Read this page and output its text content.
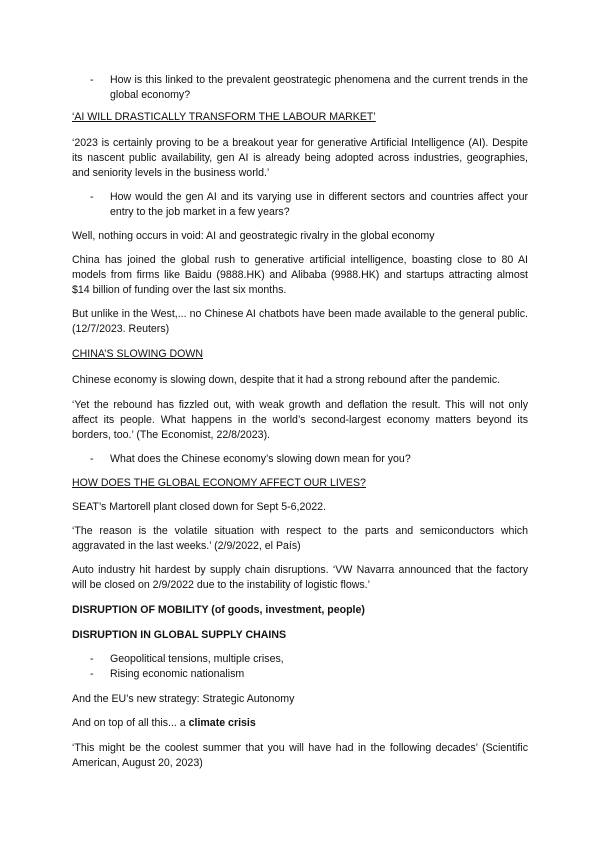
- How is this linked to the prevalent geostrategic phenomena and the current trends in the global economy?
‘AI WILL DRASTICALLY TRANSFORM THE LABOUR MARKET’
‘2023 is certainly proving to be a breakout year for generative Artificial Intelligence (AI). Despite its nascent public availability, gen AI is already being adopted across industries, geographies, and seniority levels in the business world.’
- How would the gen AI and its varying use in different sectors and countries affect your entry to the job market in a few years?
Well, nothing occurs in void: AI and geostrategic rivalry in the global economy
China has joined the global rush to generative artificial intelligence, boasting close to 80 AI models from firms like Baidu (9888.HK) and Alibaba (9988.HK) and startups attracting almost $14 billion of funding over the last six months.
But unlike in the West,... no Chinese AI chatbots have been made available to the general public. (12/7/2023. Reuters)
CHINA’S SLOWING DOWN
Chinese economy is slowing down, despite that it had a strong rebound after the pandemic.
‘Yet the rebound has fizzled out, with weak growth and deflation the result. This will not only affect its people. What happens in the world’s second-largest economy matters beyond its borders, too.’ (The Economist, 22/8/2023).
- What does the Chinese economy’s slowing down mean for you?
HOW DOES THE GLOBAL ECONOMY AFFECT OUR LIVES?
SEAT’s Martorell plant closed down for Sept 5-6,2022.
‘The reason is the volatile situation with respect to the parts and semiconductors which aggravated in the last weeks.’ (2/9/2022, el País)
Auto industry hit hardest by supply chain disruptions. ‘VW Navarra announced that the factory will be closed on 2/9/2022 due to the instability of logistic flows.’
DISRUPTION OF MOBILITY (of goods, investment, people)
DISRUPTION IN GLOBAL SUPPLY CHAINS
- Geopolitical tensions, multiple crises,
- Rising economic nationalism
And the EU’s new strategy: Strategic Autonomy
And on top of all this... a climate crisis
‘This might be the coolest summer that you will have had in the following decades’ (Scientific American, August 20, 2023)
